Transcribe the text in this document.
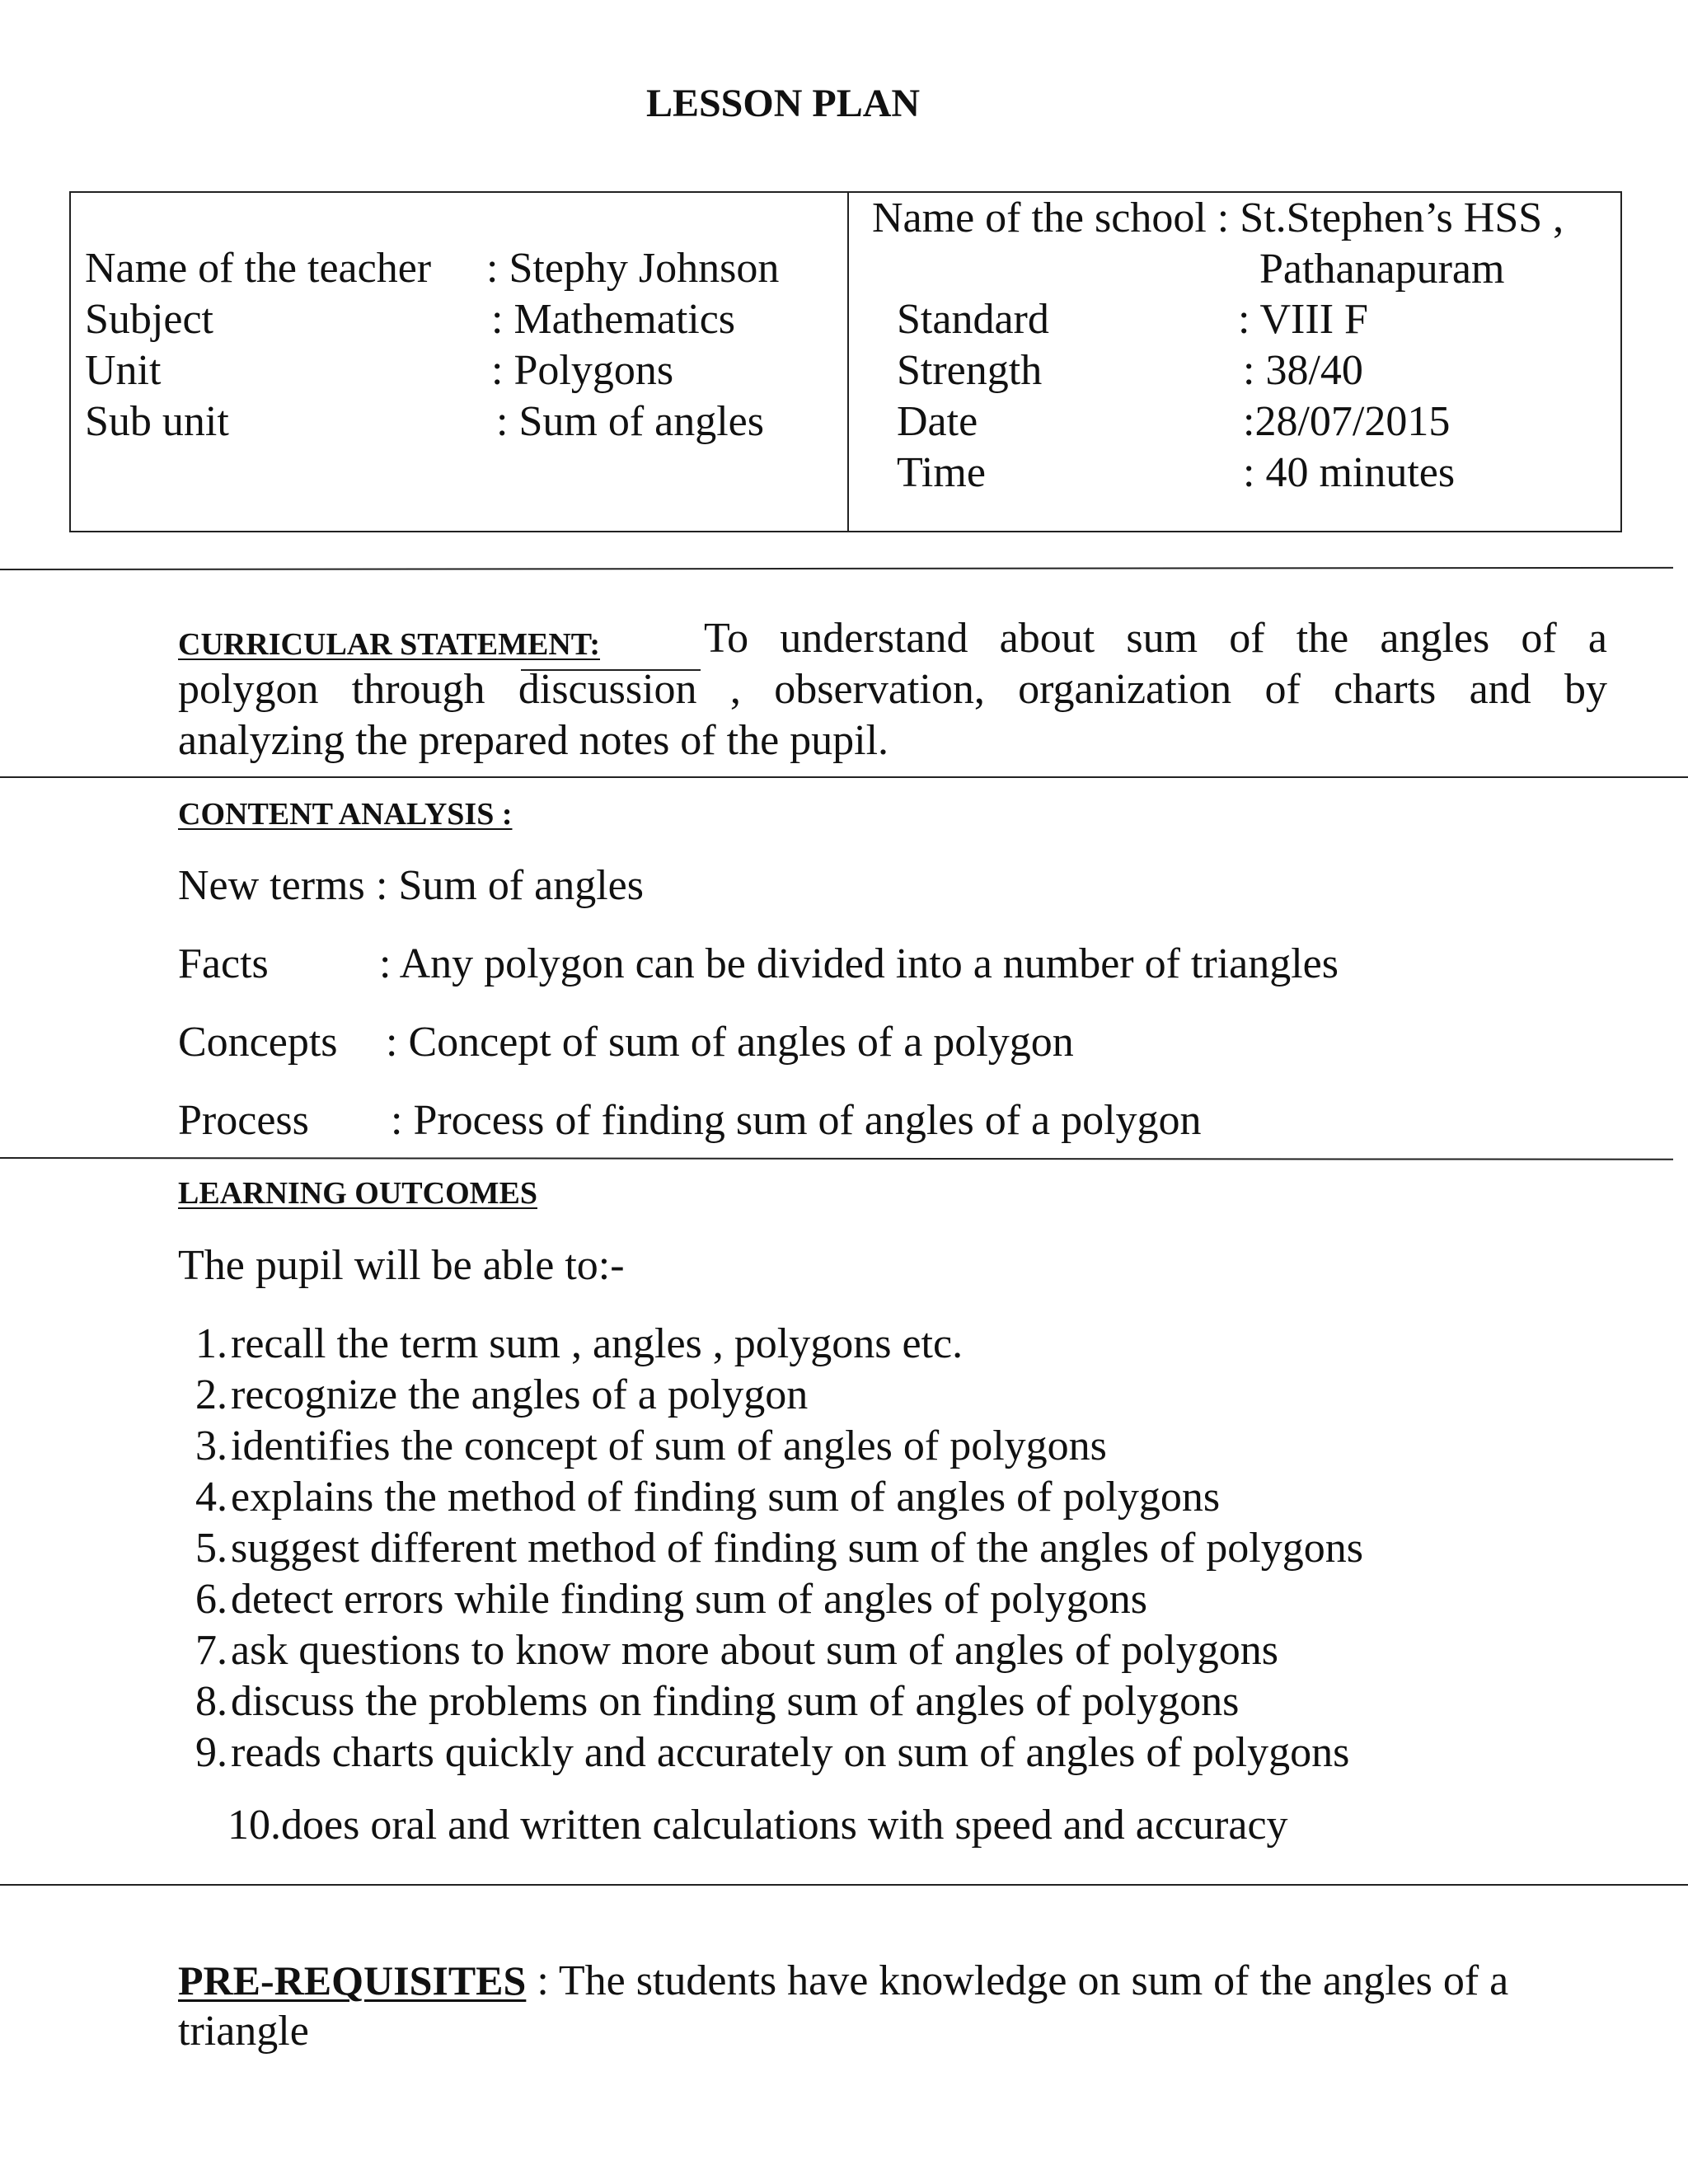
LESSON PLAN
Name of the teacher : Stephy Johnson
Subject	: Mathematics
Unit	: Polygons
Sub unit	: Sum of angles
Name of the school : St.Stephen’s HSS ,
Pathanapuram
Standard	: VIII F
Strength	: 38/40
Date	:28/07/2015
Time	: 40 minutes
CURRICULAR STATEMENT: To understand about sum of the angles of a
polygon through discussion , observation, organization of charts and by
analyzing the prepared notes of the pupil.
CONTENT ANALYSIS :
New terms : Sum of angles
Facts	: Any polygon can be divided into a number of triangles
Concepts : Concept of sum of angles of a polygon
Process : Process of finding sum of angles of a polygon
LEARNING OUTCOMES
The pupil will be able to:-
1.recall the term sum , angles , polygons etc.
2.recognize the angles of a polygon
3.identifies the concept of sum of angles of polygons
4.explains the method of finding sum of angles of polygons
5.suggest different method of finding sum of the angles of polygons
6.detect errors while finding sum of angles of polygons
7.ask questions to know more about sum of angles of polygons
8.discuss the problems on finding sum of angles of polygons
9.reads charts quickly and accurately on sum of angles of polygons
10.does oral and written calculations with speed and accuracy
PRE-REQUISITES : The students have knowledge on sum of the angles of a
triangle
